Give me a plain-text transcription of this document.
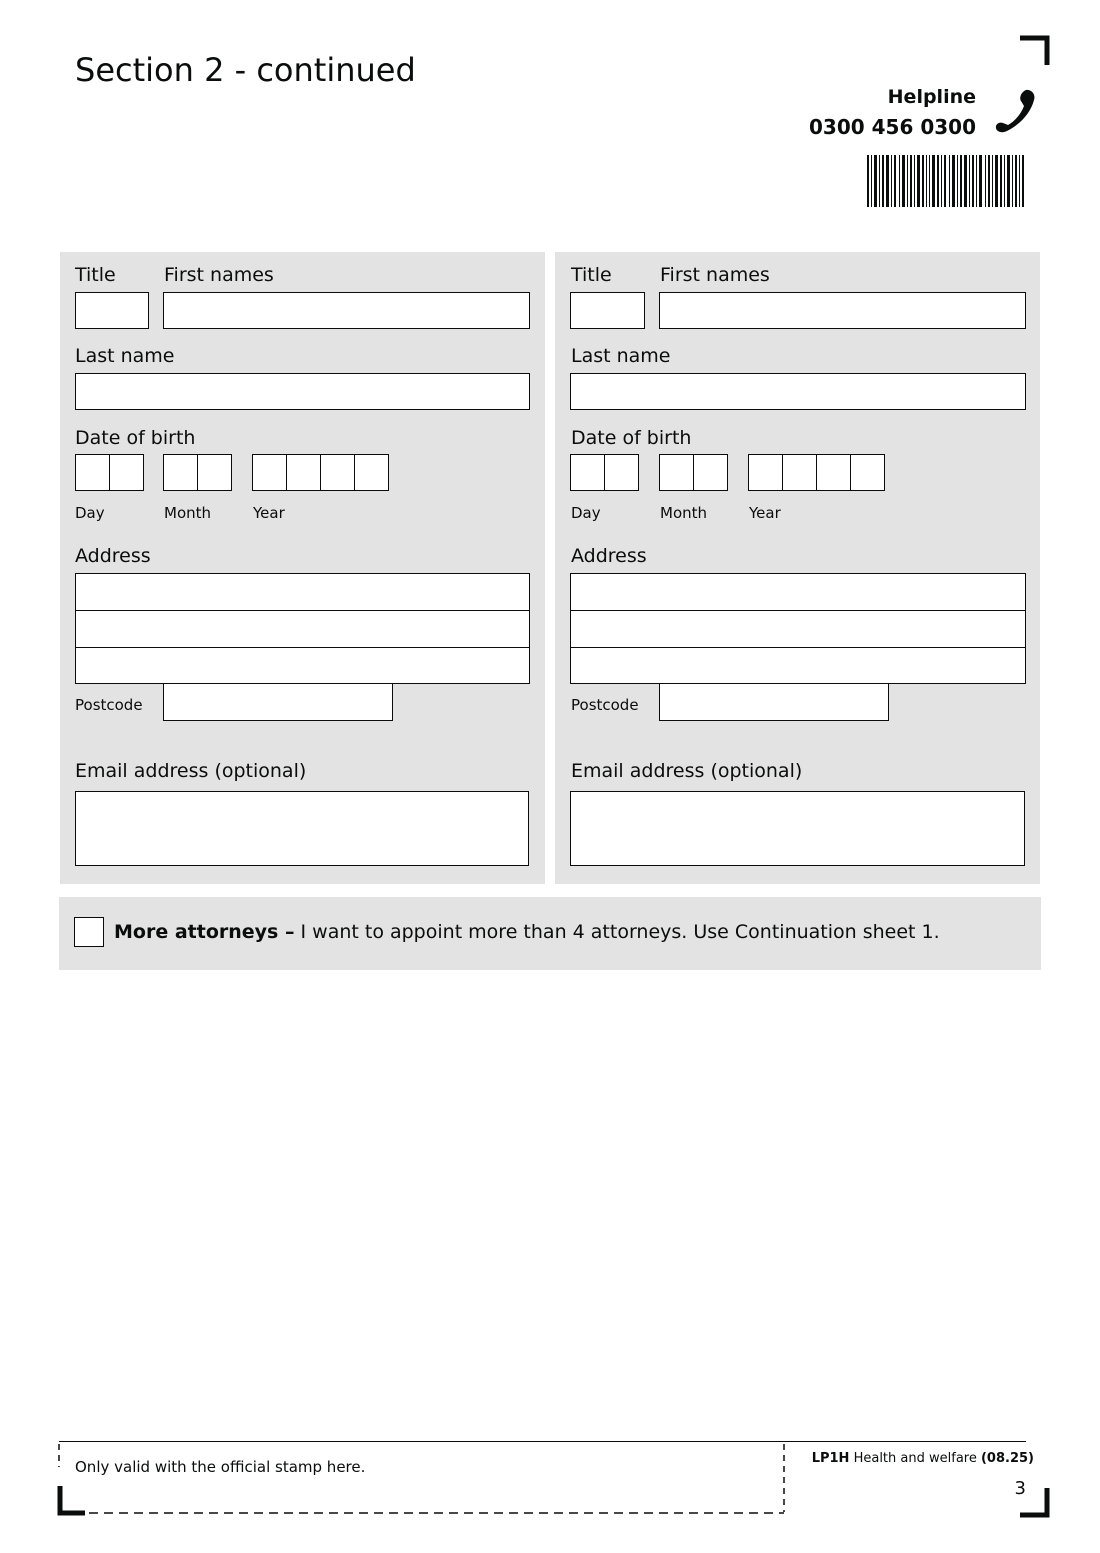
Section 2 - continued
Helpline
0300 456 0300
Title	First names
Last name
Date of birth
Day	Month	Year
Address
Postcode
Email address (optional)
Title	First names
Last name
Date of birth
Day	Month	Year
Address
Postcode
Email address (optional)
More attorneys – I want to appoint more than 4 attorneys. Use Continuation sheet 1.
Only valid with the official stamp here.	LP1H Health and welfare (08.25)
3
